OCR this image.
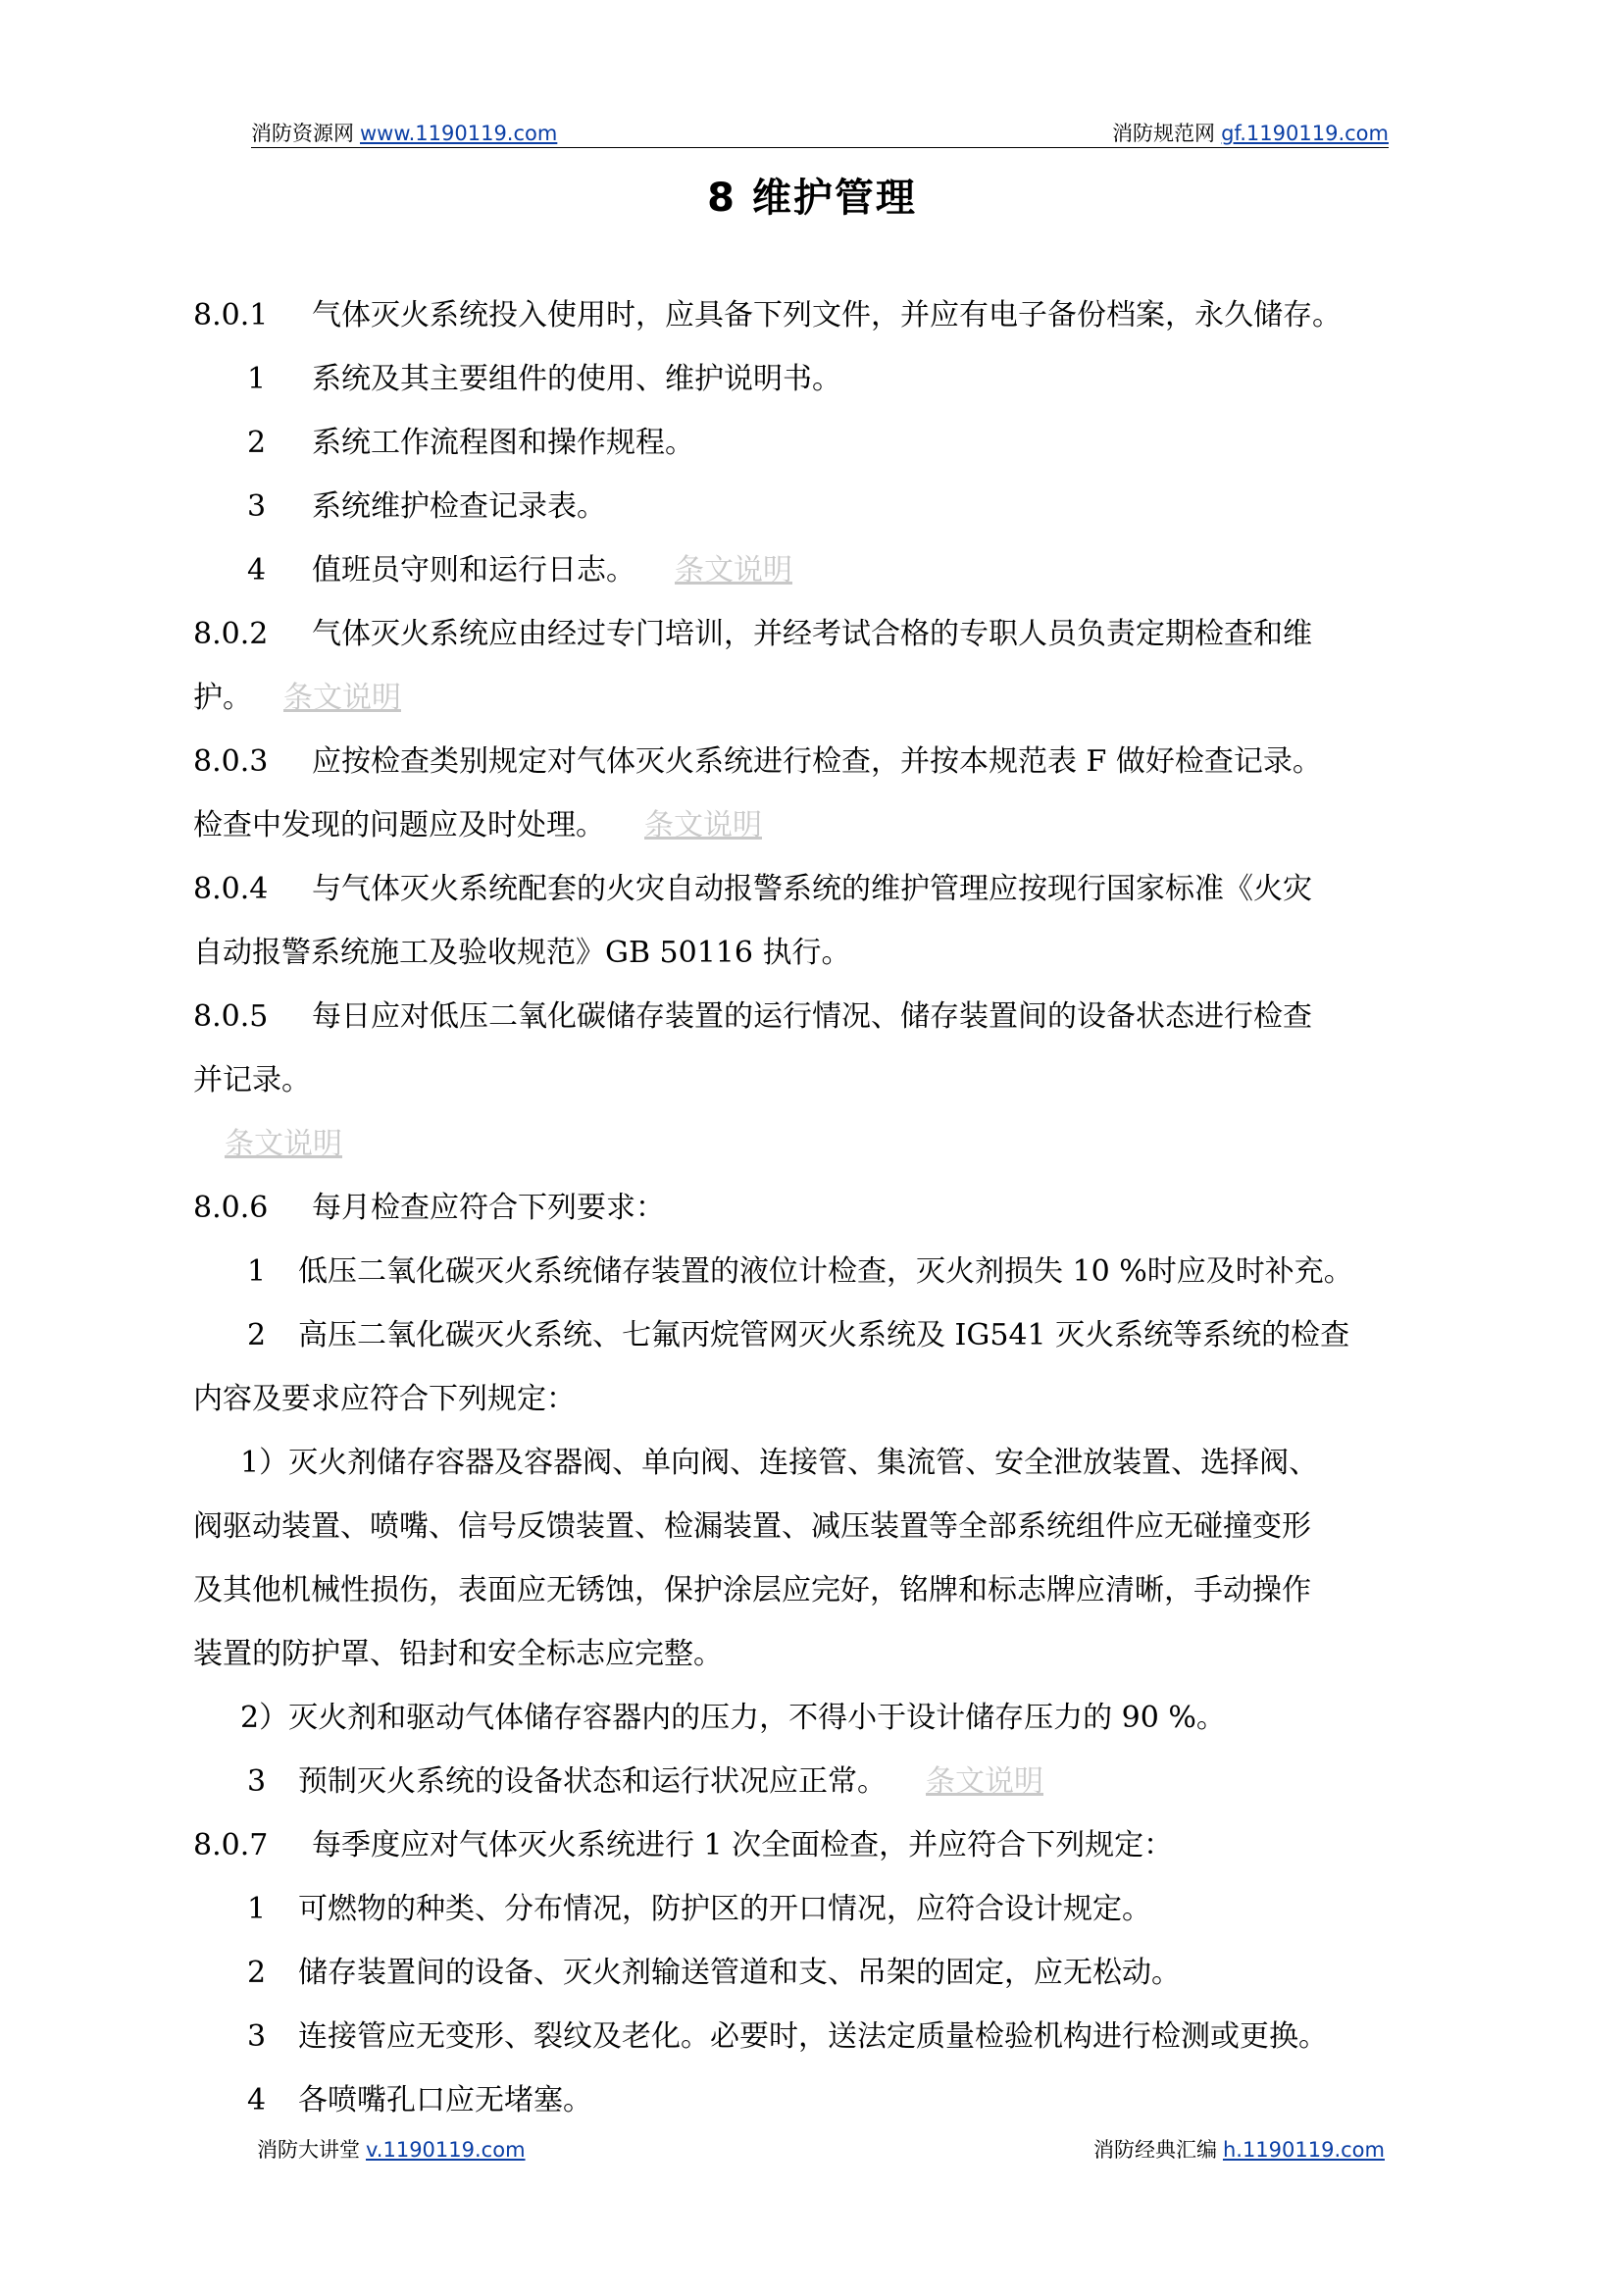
消防资源网 www.1190119.com	消防规范网 gf.1190119.com
8 维护管理

8.0.1 气体灭火系统投入使用时，应具备下列文件，并应有电子备份档案，永久储存。

1 系统及其主要组件的使用、维护说明书。

2 系统工作流程图和操作规程。

3 系统维护检查记录表。

4 值班员守则和运行日志。 条文说明

8.0.2 气体灭火系统应由经过专门培训，并经考试合格的专职人员负责定期检查和维

护。 条文说明

8.0.3 应按检查类别规定对气体灭火系统进行检查，并按本规范表 F 做好检查记录。

检查中发现的问题应及时处理。 条文说明

8.0.4 与气体灭火系统配套的火灾自动报警系统的维护管理应按现行国家标准《火灾

自动报警系统施工及验收规范》GB 50116 执行。

8.0.5 每日应对低压二氧化碳储存装置的运行情况、储存装置间的设备状态进行检查

并记录。

条文说明

8.0.6 每月检查应符合下列要求：

1 低压二氧化碳灭火系统储存装置的液位计检查，灭火剂损失 10 %时应及时补充。

2 高压二氧化碳灭火系统、七氟丙烷管网灭火系统及 IG541 灭火系统等系统的检查

内容及要求应符合下列规定：

1）灭火剂储存容器及容器阀、单向阀、连接管、集流管、安全泄放装置、选择阀、

阀驱动装置、喷嘴、信号反馈装置、检漏装置、减压装置等全部系统组件应无碰撞变形

及其他机械性损伤，表面应无锈蚀，保护涂层应完好，铭牌和标志牌应清晰，手动操作

装置的防护罩、铅封和安全标志应完整。

2）灭火剂和驱动气体储存容器内的压力，不得小于设计储存压力的 90 %。

3 预制灭火系统的设备状态和运行状况应正常。 条文说明

8.0.7 每季度应对气体灭火系统进行 1 次全面检查，并应符合下列规定：

1 可燃物的种类、分布情况，防护区的开口情况，应符合设计规定。

2 储存装置间的设备、灭火剂输送管道和支、吊架的固定，应无松动。

3 连接管应无变形、裂纹及老化。必要时，送法定质量检验机构进行检测或更换。

4 各喷嘴孔口应无堵塞。

消防大讲堂 v.1190119.com	消防经典汇编 h.1190119.com
